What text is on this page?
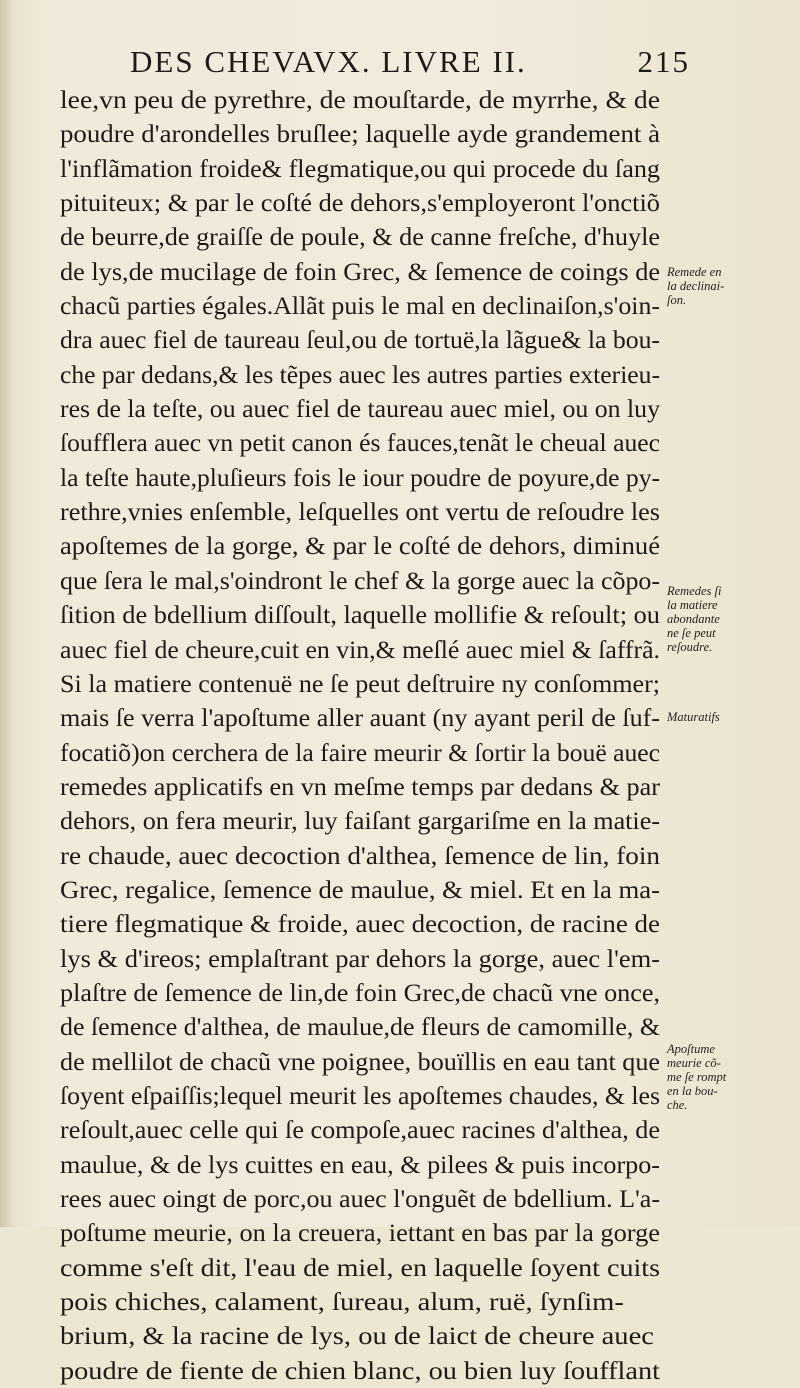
DES CHEVAVX. LIVRE II.	215
lee,vn peu de pyrethre, de mouſtarde, de myrrhe, & de
poudre d'arondelles bruſlee; laquelle ayde grandement à
l'inflãmation froide& flegmatique,ou qui procede du ſang
pituiteux; & par le coſté de dehors,s'employeront l'onctiõ
de beurre,de graiſſe de poule, & de canne freſche, d'huyle
de lys,de mucilage de foin Grec, & ſemence de coings de
chacũ parties égales.Allãt puis le mal en declinaiſon,s'oin-
dra auec fiel de taureau ſeul,ou de tortuë,la lãgue& la bou-
che par dedans,& les tẽpes auec les autres parties exterieu-
res de la teſte, ou auec fiel de taureau auec miel, ou on luy
ſoufflera auec vn petit canon és fauces,tenãt le cheual auec
la teſte haute,pluſieurs fois le iour poudre de poyure,de py-
rethre,vnies enſemble, leſquelles ont vertu de reſoudre les
apoſtemes de la gorge, & par le coſté de dehors, diminué
que ſera le mal,s'oindront le chef & la gorge auec la cõpo-
ſition de bdellium diſſoult, laquelle mollifie & reſoult; ou
auec fiel de cheure,cuit en vin,& meſlé auec miel & ſaffrã.
Si la matiere contenuë ne ſe peut deſtruire ny conſommer;
mais ſe verra l'apoſtume aller auant (ny ayant peril de ſuf-
focatiõ)on cerchera de la faire meurir & ſortir la bouë auec
remedes applicatifs en vn meſme temps par dedans & par
dehors, on fera meurir, luy faiſant gargariſme en la matie-
re chaude, auec decoction d'althea, ſemence de lin, foin
Grec, regalice, ſemence de maulue, & miel. Et en la ma-
tiere flegmatique & froide, auec decoction, de racine de
lys & d'ireos; emplaſtrant par dehors la gorge, auec l'em-
plaſtre de ſemence de lin,de foin Grec,de chacũ vne once,
de ſemence d'althea, de maulue,de fleurs de camomille, &
de mellilot de chacũ vne poignee, bouïllis en eau tant que
ſoyent eſpaiſſis;lequel meurit les apoſtemes chaudes, & les
reſoult,auec celle qui ſe compoſe,auec racines d'althea, de
maulue, & de lys cuittes en eau, & pilees & puis incorpo-
rees auec oingt de porc,ou auec l'onguẽt de bdellium. L'a-
poſtume meurie, on la creuera, iettant en bas par la gorge
comme s'eſt dit, l'eau de miel, en laquelle ſoyent cuits
pois chiches, calament, ſureau, alum, ruë, ſynſim-
brium, & la racine de lys, ou de laict de cheure auec
poudre de fiente de chien blanc, ou bien luy ſoufflant
Remede en
la declinai-
ſon.
Remedes ſi
la matiere
abondante
ne ſe peut
reſoudre.
Maturatifs
Apoſtume
meurie cõ-
me ſe rompt
en la bou-
che.
